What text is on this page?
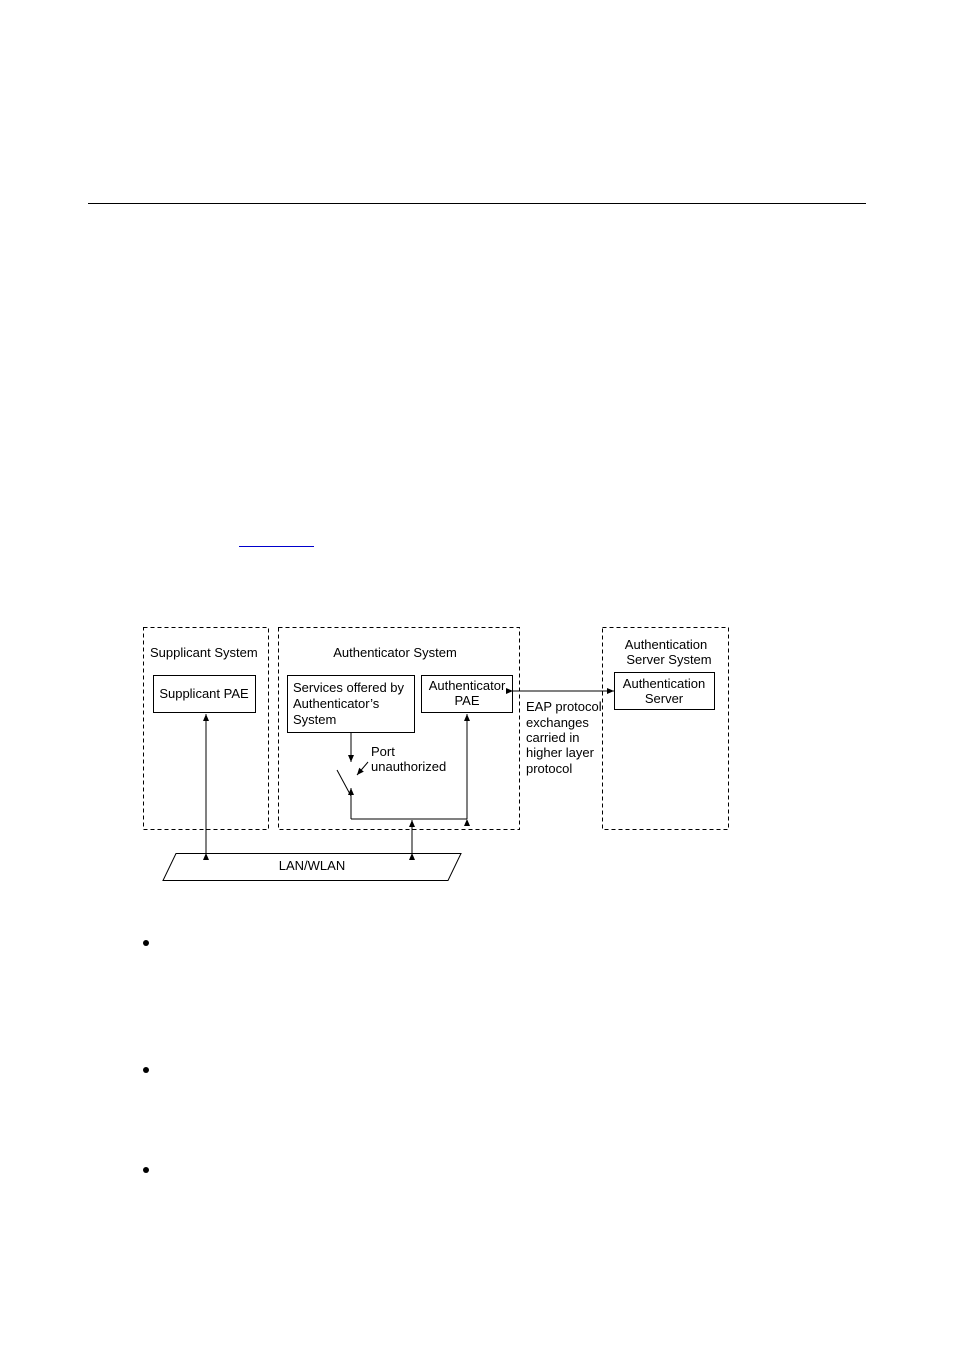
Supplicant System
Supplicant PAE
Authenticator System
Services offered by
Authenticator’s
System
Authenticator
PAE
Port
unauthorized
Authentication
Server System
Authentication
Server
EAP protocol
exchanges
carried in
higher layer
protocol
LAN/WLAN
